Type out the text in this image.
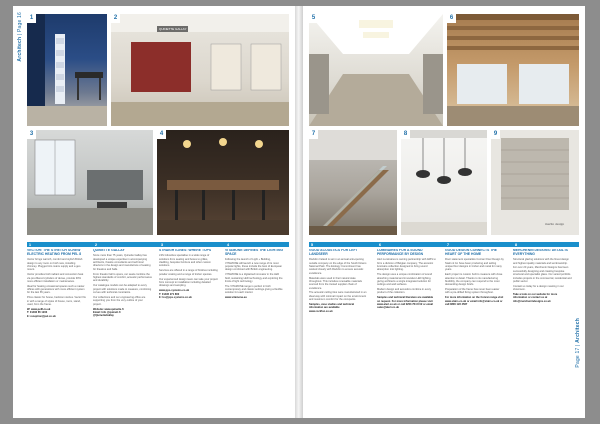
Architech | Page 16	1
QUINETTE GALLAY
2
3	4
1	2	3	4
VECTOR: THE STRETCH SCREW ELECTRIC HEATING FROM PEL 8

Vector brings warmth, comfort and stylish British design to any room on both new, installing chimney. Plugged into mains supply and a geo mount.

Vector provides both radiant and convection heat via pre-filtered cylinders of dense, provide 30% more efficient installation or maintenance.

Ideal for heating occasional spaces such a master offices with generations with more efficient system for the last 65 years.

Price classic for house, bedroom stories. Vector fits in with a range of styles of house, room, stand, used, from the frame.

W: www.pel8.co.uk
T: 01483 85 1233
E: reception@pel.co.uk

QUINETTE GALLAY

Since more than 75 years, Quinette Gallay has developed a unique expertise in accompanying architects, theatre consultants and technical directors in the design and manufacture of seating for theatres and halls.

From theatre hall to opera, our seats combine the highest standards of comfort, acoustic performance and durability.

Our catalogue models can be adapted to every project with solutions made to measure, combining curves with technical constraints.

Our collections and our engineering office are supporting you from the very outline of your project.

Website: www.quinette.fr
Email: Info @quinett.fr
@QuinetteGallay

STRAIGHTLINES: WHERE TOPS

LSS Industries specialise in a wide range of solutions from seating and boxes to grilles, cladding, bespoke furniture and other custom solutions.

Services are offered in a range of finishes including powder coating and a range of timber species.

Our experienced design team can take your project from concept to installation including detailed drawings and sampling.

www.pps-systems.co.uk
T: 01495 271 800
E: lss@pps-systems.co.uk

VITAMONE DEFINES THE LIGHTING SPACE

Following the launch of Light + Building, VITAMONE will launch a new range of its most popular lights, these include the best of European design combined with British engineering.

VITAMONE is a digital-led innovator in the LED field, sustaining LED technology and exploring the limits of light technology.

The VITAMONE range is perfect in both contemporary and classic settings giving a flexible solution for each interior.

www.vitamone.eu

Page 17 | Architech
5	6
7	8
merlin design
9
5	6	7	8
GOOD ACOUSTICS FOR LEFT LANDSEER

Rockfon Ireland is set in an annual anti-opening outside company on the edge of the South Downs National Park. The Ecology Commitment has worked closely with Rockfon to ensure acoustic excellence.

Materials were used in their natural state throughout. This includes renewable materials sourced from the trusted supplier chain of excellence.

The acoustic ceiling tiles were manufactured in an ideal way with minimal impact on the environment and maximum comfort for the occupants.

Samples, case studies and technical information are available
www.rockfon.co.uk

LUMINAIRES FOR A SOUND PERFORMANCE BY DESIGN

Alert Luminaires is owning partnership with ARIS to form a division of Belgian company, The acoustic luminaire collection designed to bring sound absorption into lighting.

The design uses a unique combination of sound absorbing material and innovative LED lighting, giving architects a single integrated solution for ceilings and wall surfaces.

Modern design and acoustics combine in every product of the collection.

Samples and technical literature are available on request. For more information please visit www.alert.co.uk or call 0203 764 8 02 or email sales@alert.co.uk

GOOD DESIGN CONNECTS THE HEART OF THE HOME

Floor statement specialists Conran Floor Design by Stairs & Co have been producing and selling unique floor designs in timber and metal for many years.

Each project is custom built to measure with close attention to detail. Thanks to its manufacturing flexibility, the company can respond to the most demanding design briefs.

Preparation of the frame has never been easier with a pre-drilled fixing system throughout.

For more information on the Conran range visit www.stairs.co.uk or email info@stairs.co.uk or call 0800 123 4567

MERCHENIN DESIGNS: DETAIL IS EVERYTHING

Structural glazing solutions with the finest design and highest quality materials and workmanship.

For over 20 years, Merchenin Designs has been successfully designing and creating bespoke structural and specialist glass. Our varied portfolio includes projects in the commercial, residential and public sector.

Contact us today for a design meeting in our showroom.

Take a look on our website for more information or contact us at info@merchenindesigns.co.uk
